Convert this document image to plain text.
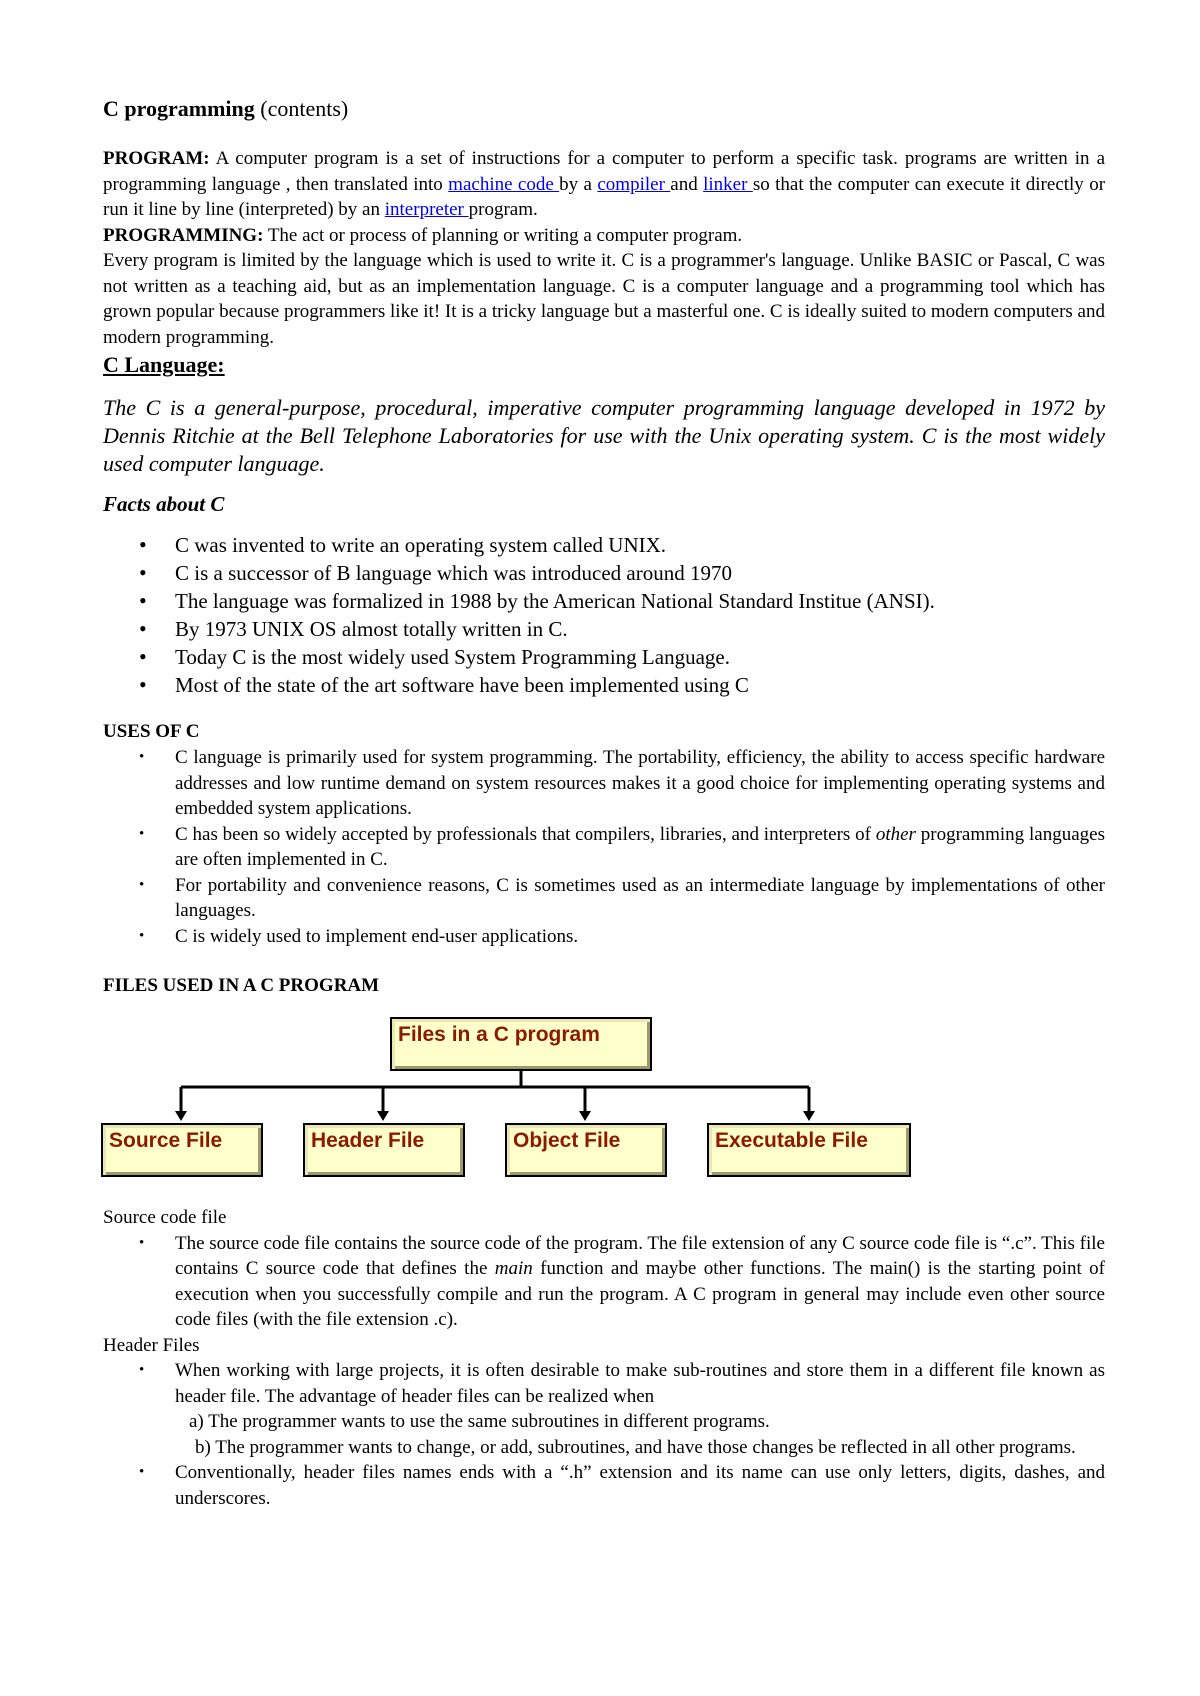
C programming (contents)

PROGRAM: A computer program is a set of instructions for a computer to perform a specific task. programs are written in a programming language , then translated into machine code by a compiler and linker so that the computer can execute it directly or run it line by line (interpreted) by an interpreter program.

PROGRAMMING: The act or process of planning or writing a computer program.

Every program is limited by the language which is used to write it. C is a programmer's language. Unlike BASIC or Pascal, C was not written as a teaching aid, but as an implementation language. C is a computer language and a programming tool which has grown popular because programmers like it! It is a tricky language but a masterful one. C is ideally suited to modern computers and modern programming.

C Language:

The C is a general-purpose, procedural, imperative computer programming language developed in 1972 by Dennis Ritchie at the Bell Telephone Laboratories for use with the Unix operating system. C is the most widely used computer language.

Facts about C

• C was invented to write an operating system called UNIX.
• C is a successor of B language which was introduced around 1970
• The language was formalized in 1988 by the American National Standard Institue (ANSI).
• By 1973 UNIX OS almost totally written in C.
• Today C is the most widely used System Programming Language.
• Most of the state of the art software have been implemented using C

USES OF C

• C language is primarily used for system programming. The portability, efficiency, the ability to access specific hardware addresses and low runtime demand on system resources makes it a good choice for implementing operating systems and embedded system applications.
• C has been so widely accepted by professionals that compilers, libraries, and interpreters of other programming languages are often implemented in C.
• For portability and convenience reasons, C is sometimes used as an intermediate language by implementations of other languages.
• C is widely used to implement end-user applications.

FILES USED IN A C PROGRAM

Files in a C program
Source File	Header File	Object File	Executable File

Source code file

• The source code file contains the source code of the program. The file extension of any C source code file is “.c”. This file contains C source code that defines the main function and maybe other functions. The main() is the starting point of execution when you successfully compile and run the program. A C program in general may include even other source code files (with the file extension .c).

Header Files

• When working with large projects, it is often desirable to make sub-routines and store them in a different file known as header file. The advantage of header files can be realized when
a) The programmer wants to use the same subroutines in different programs.
b) The programmer wants to change, or add, subroutines, and have those changes be reflected in all other programs.
• Conventionally, header files names ends with a “.h” extension and its name can use only letters, digits, dashes, and underscores.
